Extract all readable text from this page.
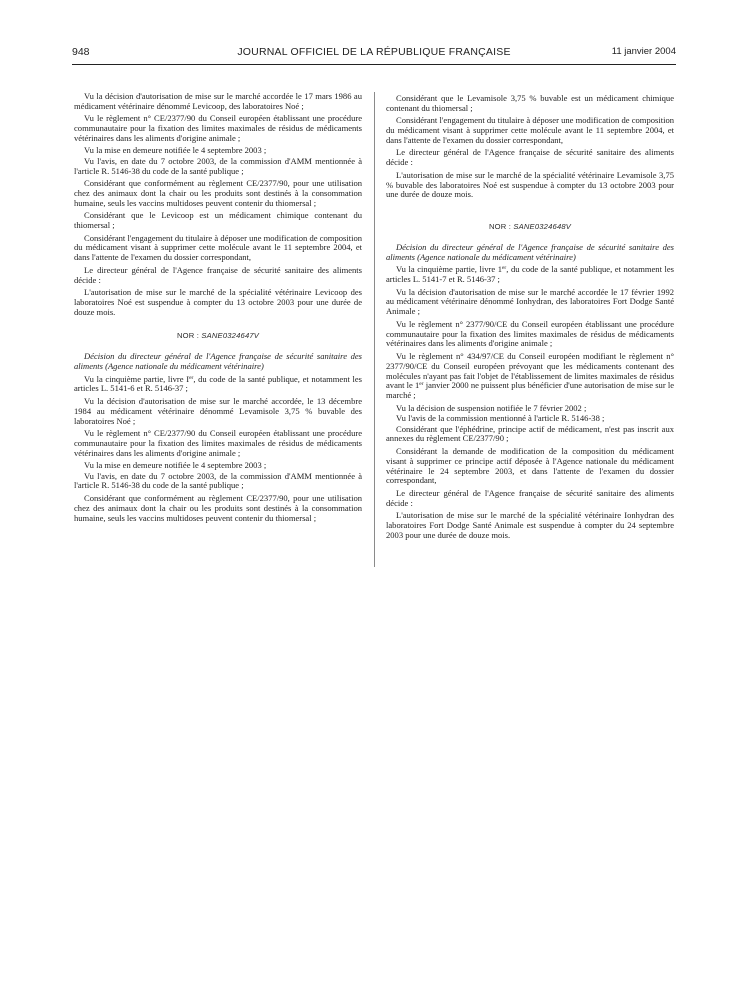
948	JOURNAL OFFICIEL DE LA RÉPUBLIQUE FRANÇAISE	11 janvier 2004

Vu la décision d'autorisation de mise sur le marché accordée le 17 mars 1986 au médicament vétérinaire dénommé Levicoop, des laboratoires Noé ;

Vu le règlement n° CE/2377/90 du Conseil européen établissant une procédure communautaire pour la fixation des limites maximales de résidus de médicaments vétérinaires dans les aliments d'origine animale ;

Vu la mise en demeure notifiée le 4 septembre 2003 ;

Vu l'avis, en date du 7 octobre 2003, de la commission d'AMM mentionnée à l'article R. 5146-38 du code de la santé publique ;

Considérant que conformément au règlement CE/2377/90, pour une utilisation chez des animaux dont la chair ou les produits sont destinés à la consommation humaine, seuls les vaccins multidoses peuvent contenir du thiomersal ;

Considérant que le Levicoop est un médicament chimique contenant du thiomersal ;

Considérant l'engagement du titulaire à déposer une modification de composition du médicament visant à supprimer cette molécule avant le 11 septembre 2004, et dans l'attente de l'examen du dossier correspondant,

Le directeur général de l'Agence française de sécurité sanitaire des aliments décide :

L'autorisation de mise sur le marché de la spécialité vétérinaire Levicoop des laboratoires Noé est suspendue à compter du 13 octobre 2003 pour une durée de douze mois.

NOR : SANE0324647V

Décision du directeur général de l'Agence française de sécurité sanitaire des aliments (Agence nationale du médicament vétérinaire)

Vu la cinquième partie, livre Ier, du code de la santé publique, et notamment les articles L. 5141-6 et R. 5146-37 ;

Vu la décision d'autorisation de mise sur le marché accordée, le 13 décembre 1984 au médicament vétérinaire dénommé Levamisole 3,75 % buvable des laboratoires Noé ;

Vu le règlement n° CE/2377/90 du Conseil européen établissant une procédure communautaire pour la fixation des limites maximales de résidus de médicaments vétérinaires dans les aliments d'origine animale ;

Vu la mise en demeure notifiée le 4 septembre 2003 ;

Vu l'avis, en date du 7 octobre 2003, de la commission d'AMM mentionnée à l'article R. 5146-38 du code de la santé publique ;

Considérant que conformément au règlement CE/2377/90, pour une utilisation chez des animaux dont la chair ou les produits sont destinés à la consommation humaine, seuls les vaccins multidoses peuvent contenir du thiomersal ;

Considérant que le Levamisole 3,75 % buvable est un médicament chimique contenant du thiomersal ;

Considérant l'engagement du titulaire à déposer une modification de composition du médicament visant à supprimer cette molécule avant le 11 septembre 2004, et dans l'attente de l'examen du dossier correspondant,

Le directeur général de l'Agence française de sécurité sanitaire des aliments décide :

L'autorisation de mise sur le marché de la spécialité vétérinaire Levamisole 3,75 % buvable des laboratoires Noé est suspendue à compter du 13 octobre 2003 pour une durée de douze mois.

NOR : SANE0324648V

Décision du directeur général de l'Agence française de sécurité sanitaire des aliments (Agence nationale du médicament vétérinaire)

Vu la cinquième partie, livre 1er, du code de la santé publique, et notamment les articles L. 5141-7 et R. 5146-37 ;

Vu la décision d'autorisation de mise sur le marché accordée le 17 février 1992 au médicament vétérinaire dénommé Ionhydran, des laboratoires Fort Dodge Santé Animale ;

Vu le règlement n° 2377/90/CE du Conseil européen établissant une procédure communautaire pour la fixation des limites maximales de résidus de médicaments vétérinaires dans les aliments d'origine animale ;

Vu le règlement n° 434/97/CE du Conseil européen modifiant le règlement n° 2377/90/CE du Conseil européen prévoyant que les médicaments contenant des molécules n'ayant pas fait l'objet de l'établissement de limites maximales de résidus avant le 1er janvier 2000 ne puissent plus bénéficier d'une autorisation de mise sur le marché ;

Vu la décision de suspension notifiée le 7 février 2002 ;

Vu l'avis de la commission mentionné à l'article R. 5146-38 ;

Considérant que l'éphédrine, principe actif de médicament, n'est pas inscrit aux annexes du règlement CE/2377/90 ;

Considérant la demande de modification de la composition du médicament visant à supprimer ce principe actif déposée à l'Agence nationale du médicament vétérinaire le 24 septembre 2003, et dans l'attente de l'examen du dossier correspondant,

Le directeur général de l'Agence française de sécurité sanitaire des aliments décide :

L'autorisation de mise sur le marché de la spécialité vétérinaire Ionhydran des laboratoires Fort Dodge Santé Animale est suspendue à compter du 24 septembre 2003 pour une durée de douze mois.
